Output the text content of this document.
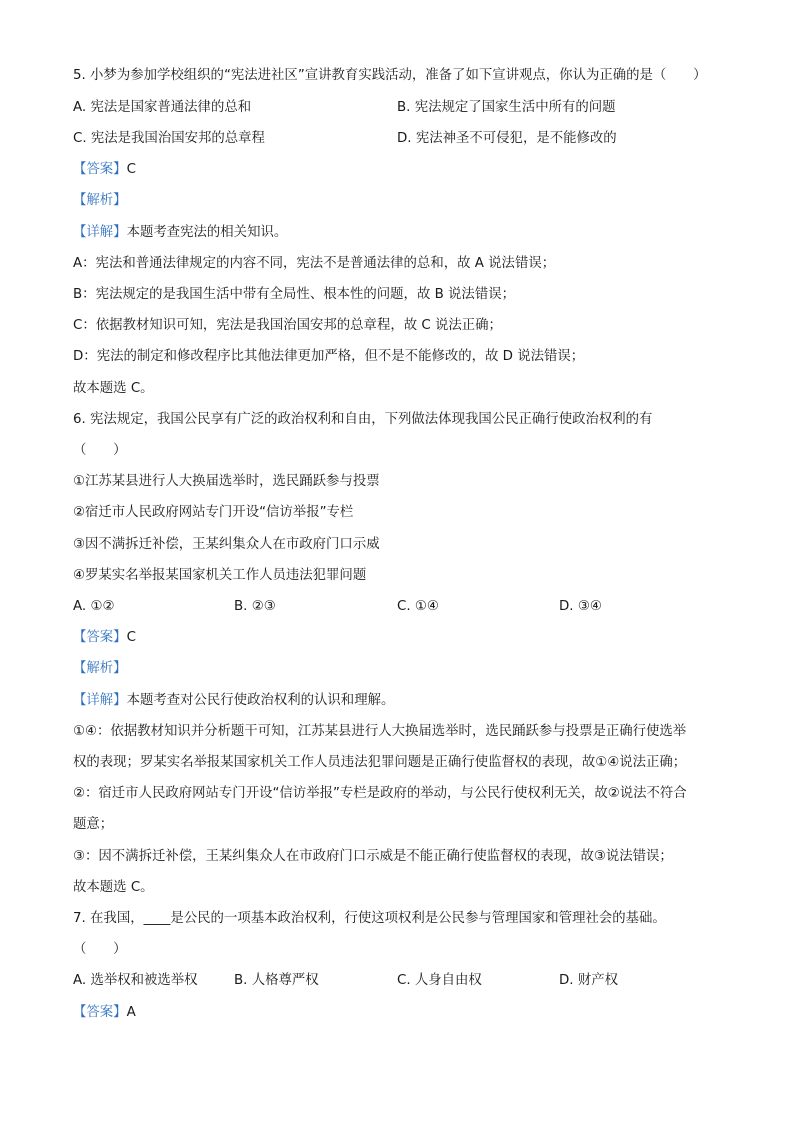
5. 小梦为参加学校组织的“宪法进社区”宣讲教育实践活动，准备了如下宣讲观点，你认为正确的是（　　）
A. 宪法是国家普通法律的总和	B. 宪法规定了国家生活中所有的问题
C. 宪法是我国治国安邦的总章程	D. 宪法神圣不可侵犯，是不能修改的
【答案】C
【解析】
【详解】本题考查宪法的相关知识。
A：宪法和普通法律规定的内容不同，宪法不是普通法律的总和，故 A 说法错误；
B：宪法规定的是我国生活中带有全局性、根本性的问题，故 B 说法错误；
C：依据教材知识可知，宪法是我国治国安邦的总章程，故 C 说法正确；
D：宪法的制定和修改程序比其他法律更加严格，但不是不能修改的，故 D 说法错误；
故本题选 C。
6. 宪法规定，我国公民享有广泛的政治权利和自由，下列做法体现我国公民正确行使政治权利的有
（　　）
①江苏某县进行人大换届选举时，选民踊跃参与投票
②宿迁市人民政府网站专门开设“信访举报”专栏
③因不满拆迁补偿，王某纠集众人在市政府门口示威
④罗某实名举报某国家机关工作人员违法犯罪问题
A. ①②	B. ②③	C. ①④	D. ③④
【答案】C
【解析】
【详解】本题考查对公民行使政治权利的认识和理解。
①④：依据教材知识并分析题干可知，江苏某县进行人大换届选举时，选民踊跃参与投票是正确行使选举
权的表现；罗某实名举报某国家机关工作人员违法犯罪问题是正确行使监督权的表现，故①④说法正确；
②：宿迁市人民政府网站专门开设“信访举报”专栏是政府的举动，与公民行使权利无关，故②说法不符合
题意；
③：因不满拆迁补偿，王某纠集众人在市政府门口示威是不能正确行使监督权的表现，故③说法错误；
故本题选 C。
7. 在我国，____是公民的一项基本政治权利，行使这项权利是公民参与管理国家和管理社会的基础。
（　　）
A. 选举权和被选举权	B. 人格尊严权	C. 人身自由权	D. 财产权
【答案】A
